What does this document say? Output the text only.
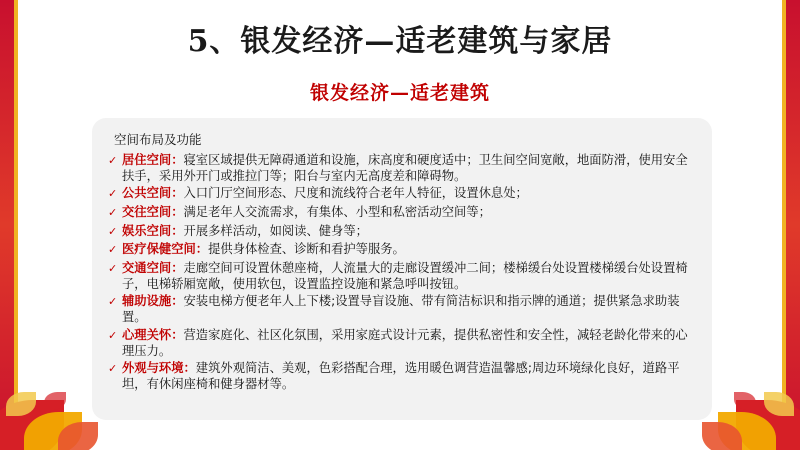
5、银发经济—适老建筑与家居
银发经济—适老建筑
空间布局及功能
✓ 居住空间：寝室区域提供无障碍通道和设施，床高度和硬度适中；卫生间空间宽敞，地面防滑，使用安全扶手，采用外开门或推拉门等；阳台与室内无高度差和障碍物。
✓ 公共空间：入口门厅空间形态、尺度和流线符合老年人特征，设置休息处；
✓ 交往空间：满足老年人交流需求，有集体、小型和私密活动空间等；
✓ 娱乐空间：开展多样活动，如阅读、健身等；
✓ 医疗保健空间：提供身体检查、诊断和看护等服务。
✓ 交通空间：走廊空间可设置休憩座椅，人流量大的走廊设置缓冲二间；楼梯缓台处设置楼梯缓台处设置椅子，电梯轿厢宽敞，使用软包，设置监控设施和紧急呼叫按钮。
✓ 辅助设施：安装电梯方便老年人上下楼;设置导盲设施、带有简洁标识和指示牌的通道；提供紧急求助装置。
✓ 心理关怀：营造家庭化、社区化氛围，采用家庭式设计元素，提供私密性和安全性，减轻老龄化带来的心理压力。
✓ 外观与环境：建筑外观简洁、美观，色彩搭配合理，选用暖色调营造温馨感;周边环境绿化良好，道路平坦，有休闲座椅和健身器材等。
